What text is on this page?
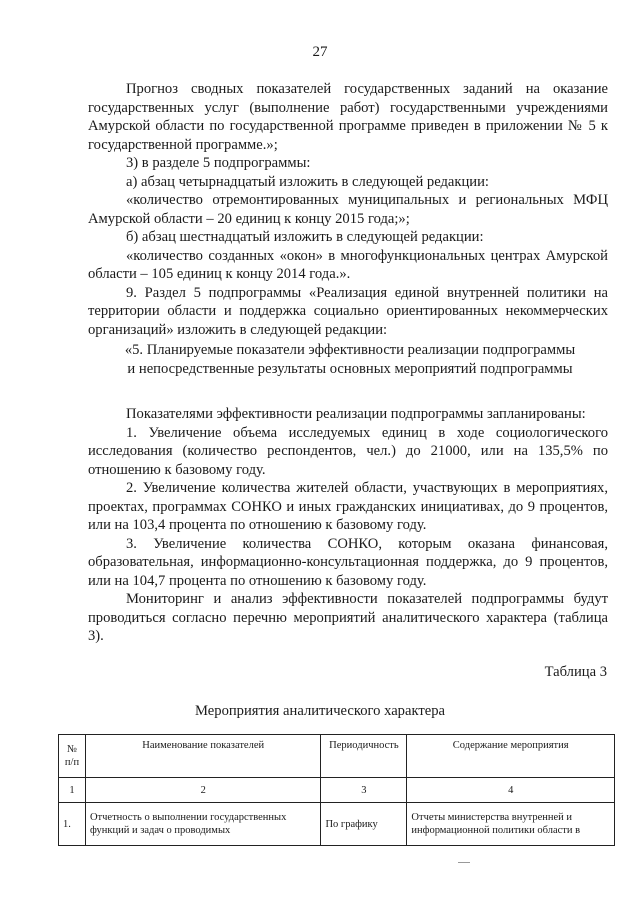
27

Прогноз сводных показателей государственных заданий на оказание государственных услуг (выполнение работ) государственными учреждениями Амурской области по государственной программе приведен в приложении № 5 к государственной программе.»;

3) в разделе 5 подпрограммы:

а) абзац четырнадцатый изложить в следующей редакции:

«количество отремонтированных муниципальных и региональных МФЦ Амурской области – 20 единиц к концу 2015 года;»;

б) абзац шестнадцатый изложить в следующей редакции:

«количество созданных «окон» в многофункциональных центрах Амурской области – 105 единиц к концу 2014 года.».

9. Раздел 5 подпрограммы «Реализация единой внутренней политики на территории области и поддержка социально ориентированных некоммерческих организаций» изложить в следующей редакции:

«5. Планируемые показатели эффективности реализации подпрограммы и непосредственные результаты основных мероприятий подпрограммы

Показателями эффективности реализации подпрограммы запланированы:

1. Увеличение объема исследуемых единиц в ходе социологического исследования (количество респондентов, чел.) до 21000, или на 135,5% по отношению к базовому году.

2. Увеличение количества жителей области, участвующих в мероприятиях, проектах, программах СОНКО и иных гражданских инициативах, до 9 процентов, или на 103,4 процента по отношению к базовому году.

3. Увеличение количества СОНКО, которым оказана финансовая, образовательная, информационно-консультационная поддержка, до 9 процентов, или на 104,7 процента по отношению к базовому году.

Мониторинг и анализ эффективности показателей подпрограммы будут проводиться согласно перечню мероприятий аналитического характера (таблица 3).

Таблица 3
Мероприятия аналитического характера
№ п/п	Наименование показателей	Периодичность	Содержание мероприятия
1	2	3	4
1.	Отчетность о выполнении государственных функций и задач о проводимых	По графику	Отчеты министерства внутренней и информационной политики области в
